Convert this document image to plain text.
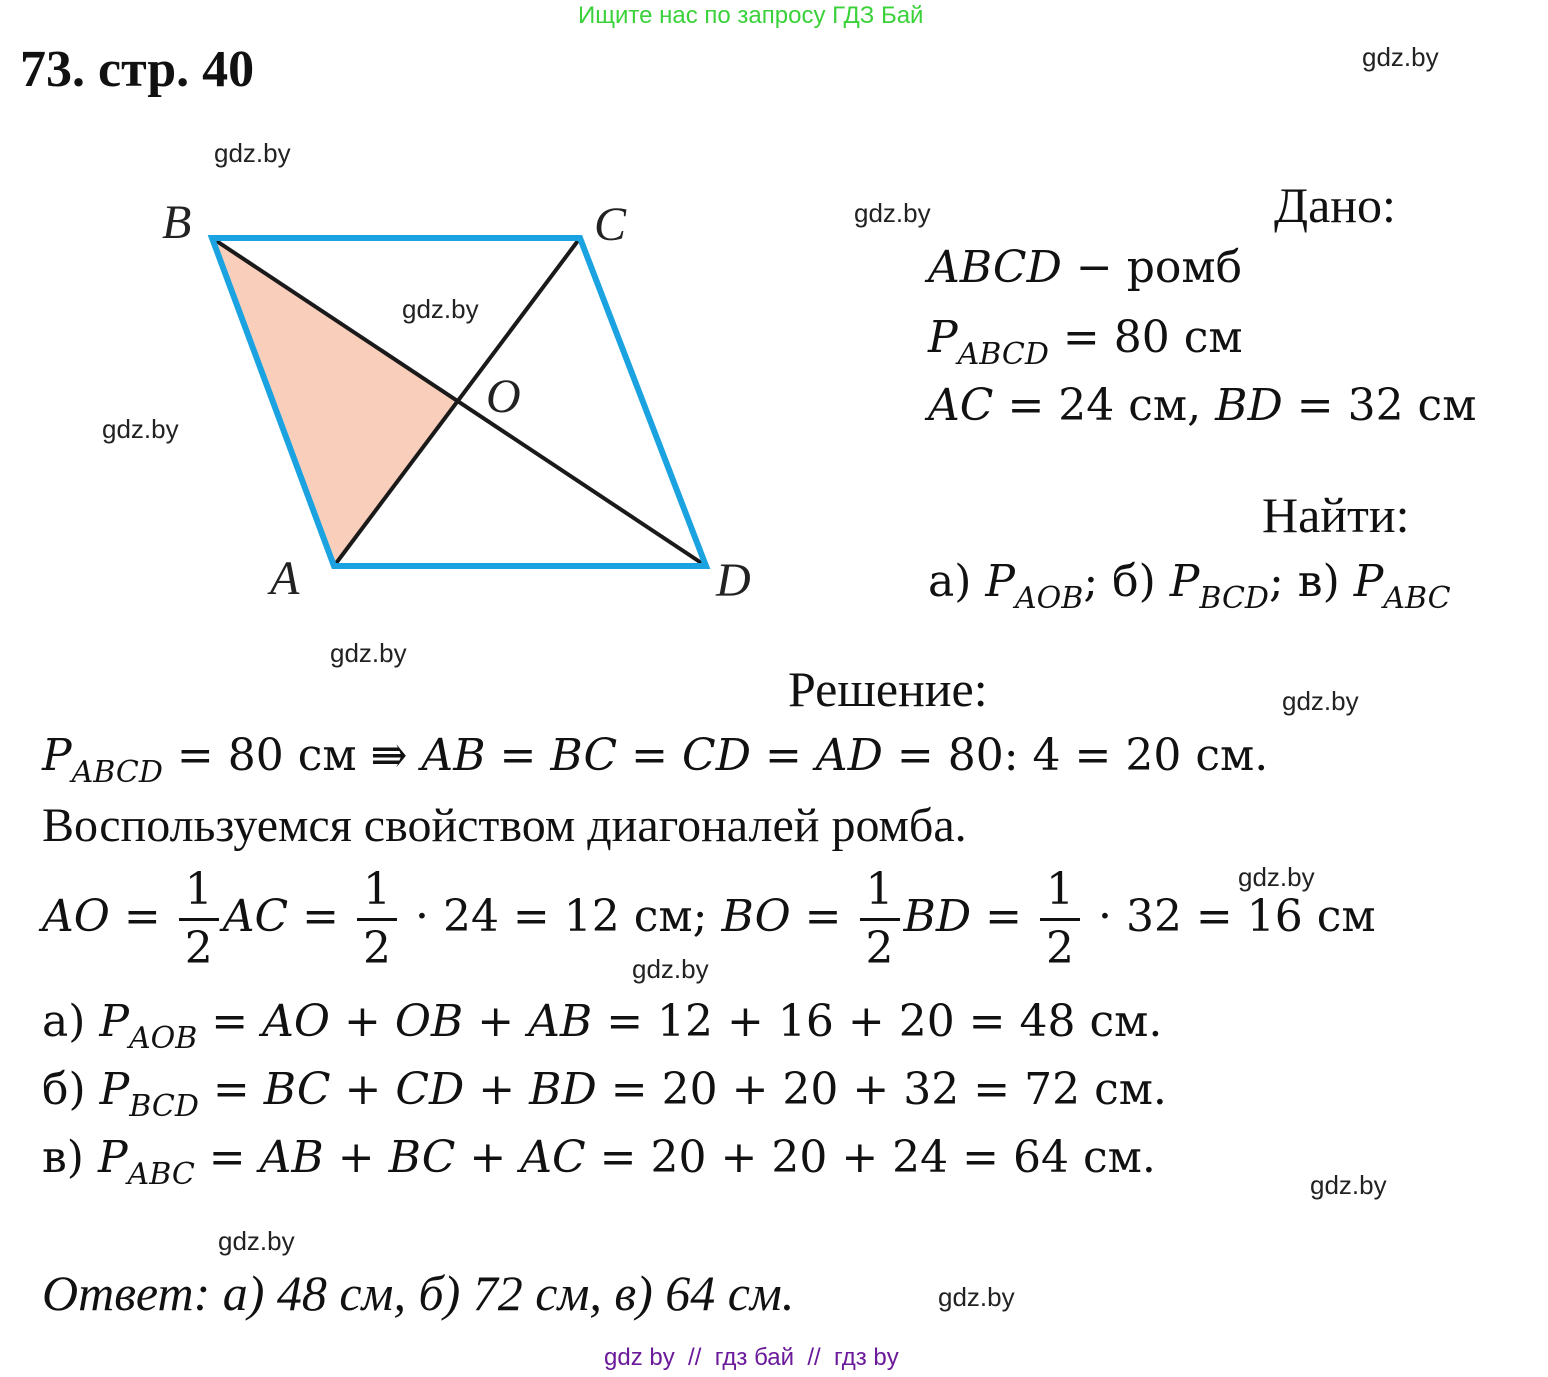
Ищите нас по запросу ГДЗ Бай
73. стр. 40	gdz.by
gdz.by
gdz.by
gdz.by
gdz.by
gdz.by
gdz.by
gdz.by
gdz.by
gdz.by
gdz.by
gdz.by
B	C
O
A	D
Дано:
ABCD − ромб
$P_{ABCD} = 80$ см
AC = 24 см, BD = 32 см
Найти:
а) $P_{AOB}$; б) $P_{BCD}$; в) $P_{ABC}$
Решение:
$P_{ABCD} = 80$ см ⇛ AB = BC = CD = AD = 80: 4 = 20 см.
Воспользуемся свойством диагоналей ромба.
AO = $\frac{1}{2}$ AC = $\frac{1}{2} \cdot 24 = 12$ см; BO = $\frac{1}{2}$ BD = $\frac{1}{2} \cdot 32 = 16$ см
а) $P_{AOB}$ = AO + OB + AB = 12 + 16 + 20 = 48 см.
б) $P_{BCD}$ = BC + CD + BD = 20 + 20 + 32 = 72 см.
в) $P_{ABC}$ = AB + BC + AC = 20 + 20 + 24 = 64 см.
Ответ: а) 48 см, б) 72 см, в) 64 см.
gdz by  //  гдз бай  //  гдз by
